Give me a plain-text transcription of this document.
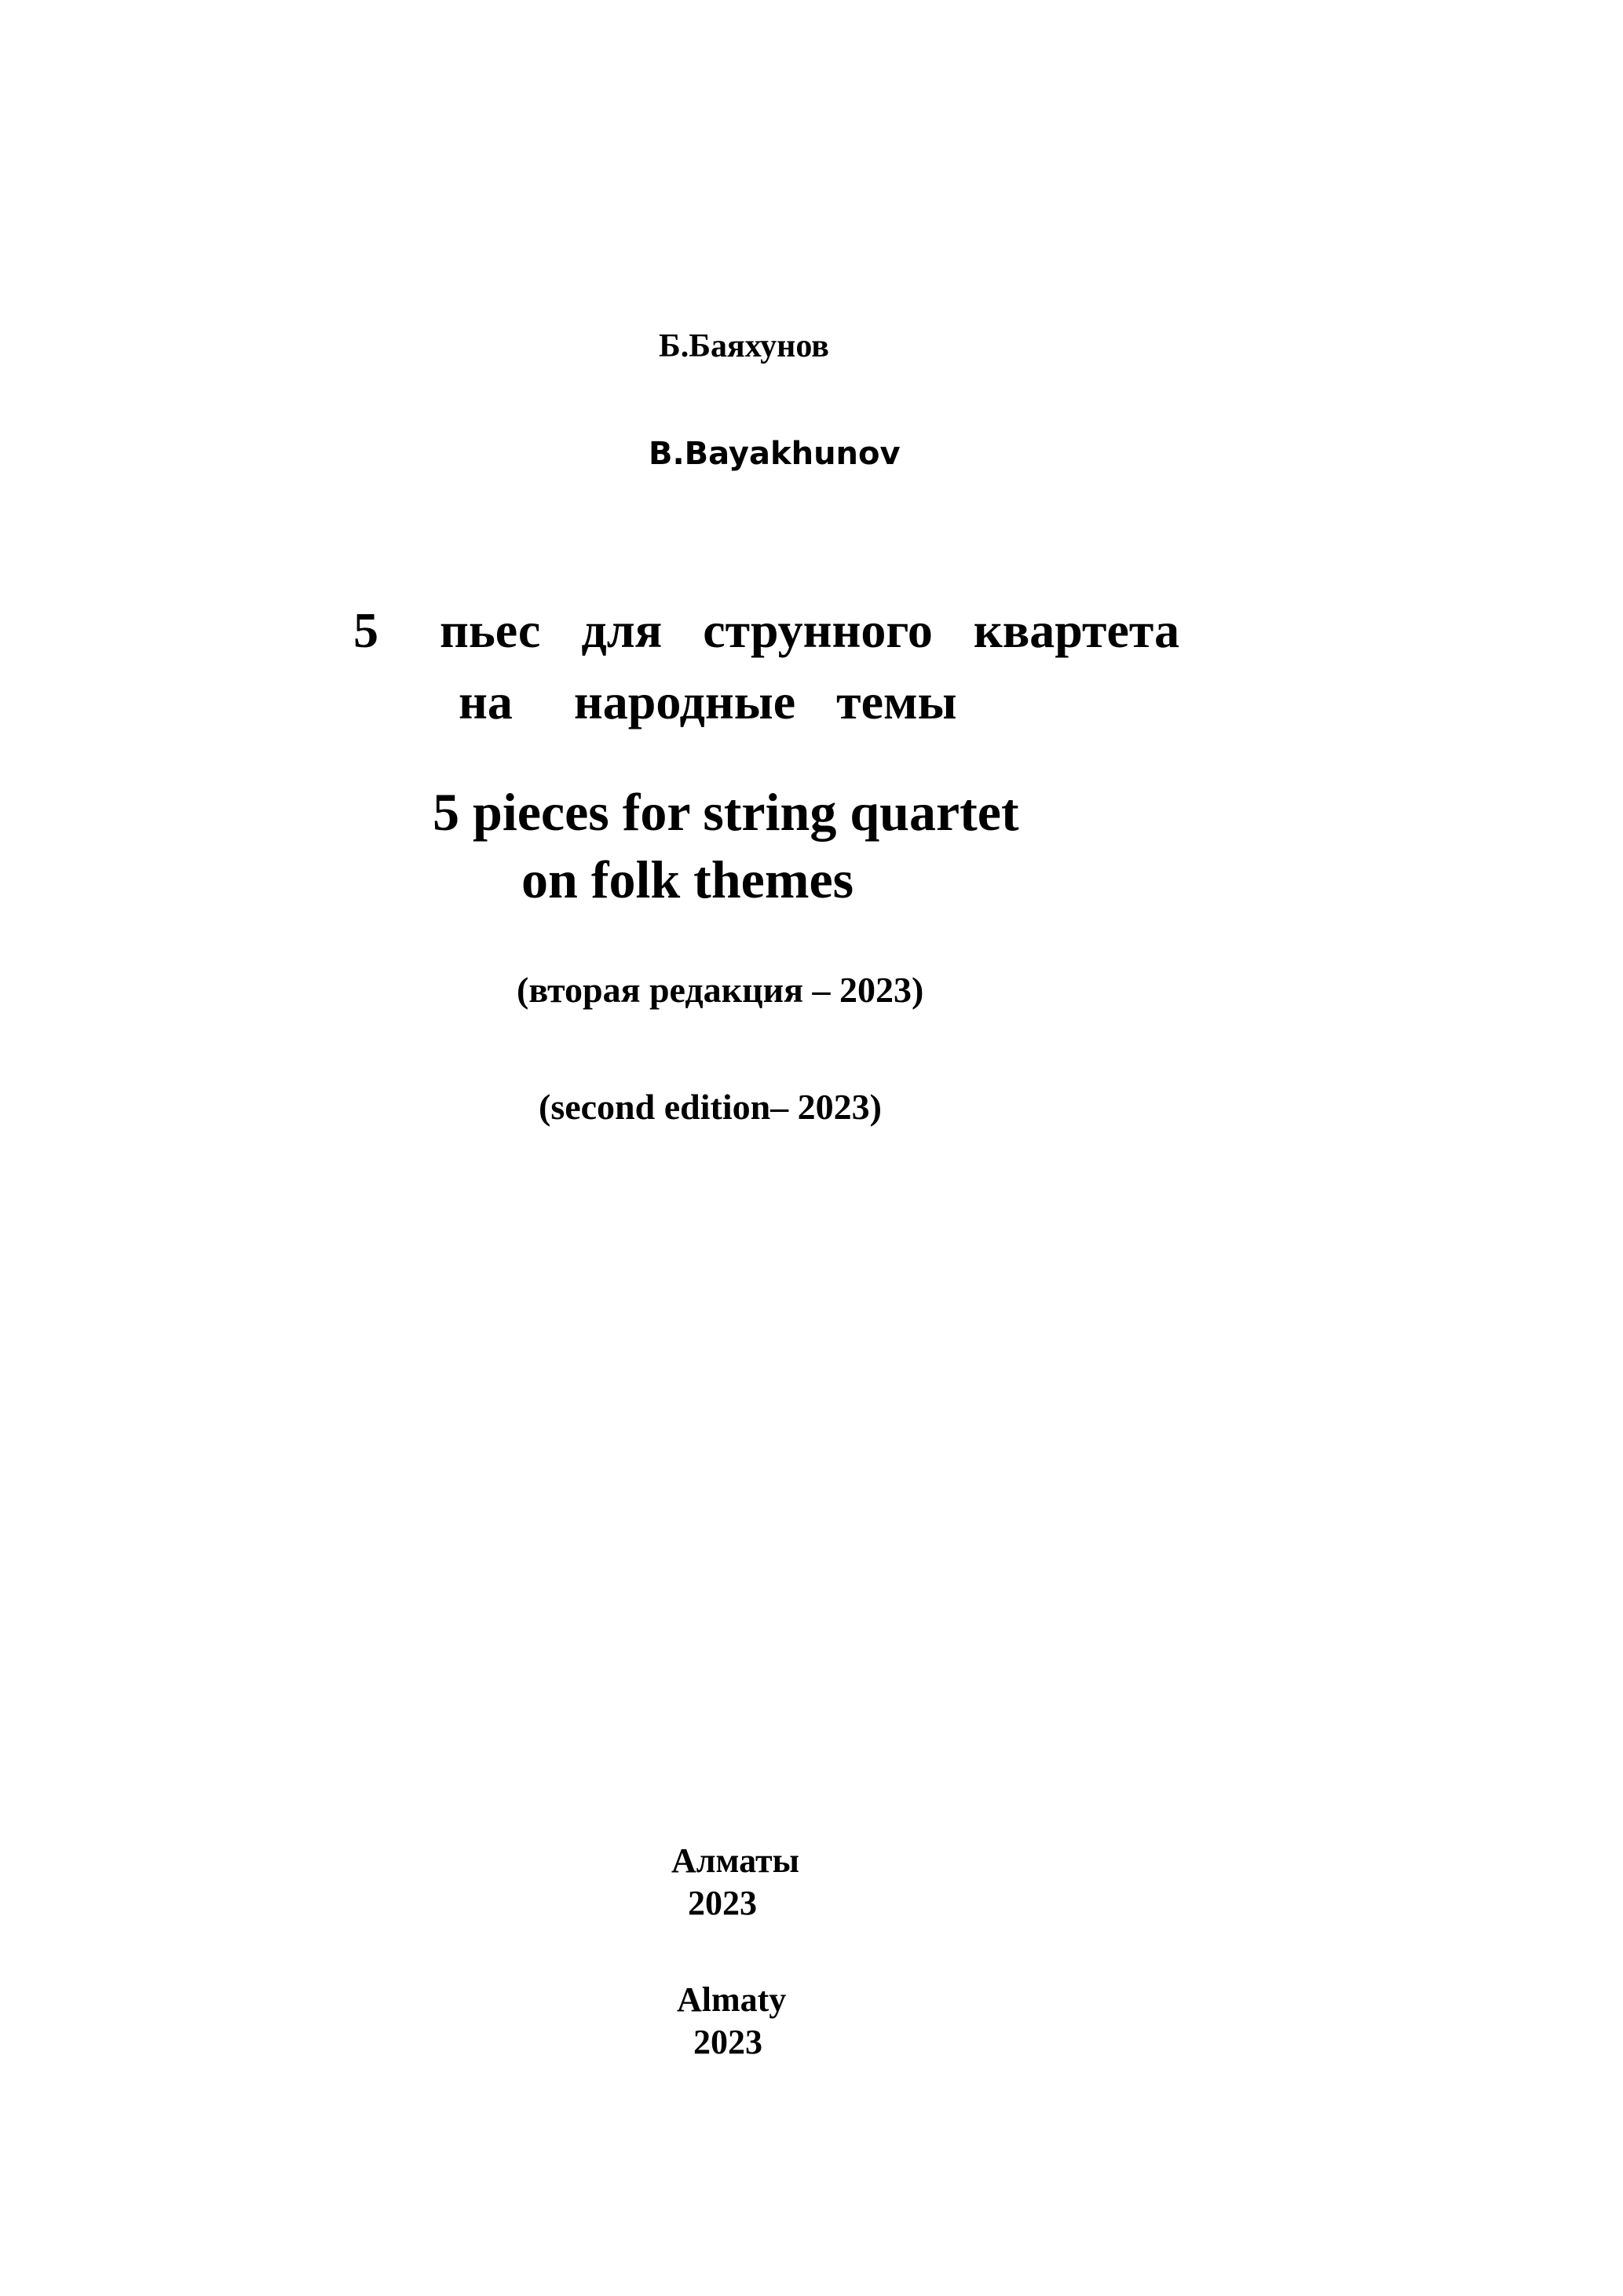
Б.Баяхунов
B.Bayakhunov
5   пьес  для  струнного  квартета
на   народные  темы
5 pieces for string quartet
on folk themes
(вторая редакция – 2023)
(second edition– 2023)
Алматы
2023
Almaty
2023
